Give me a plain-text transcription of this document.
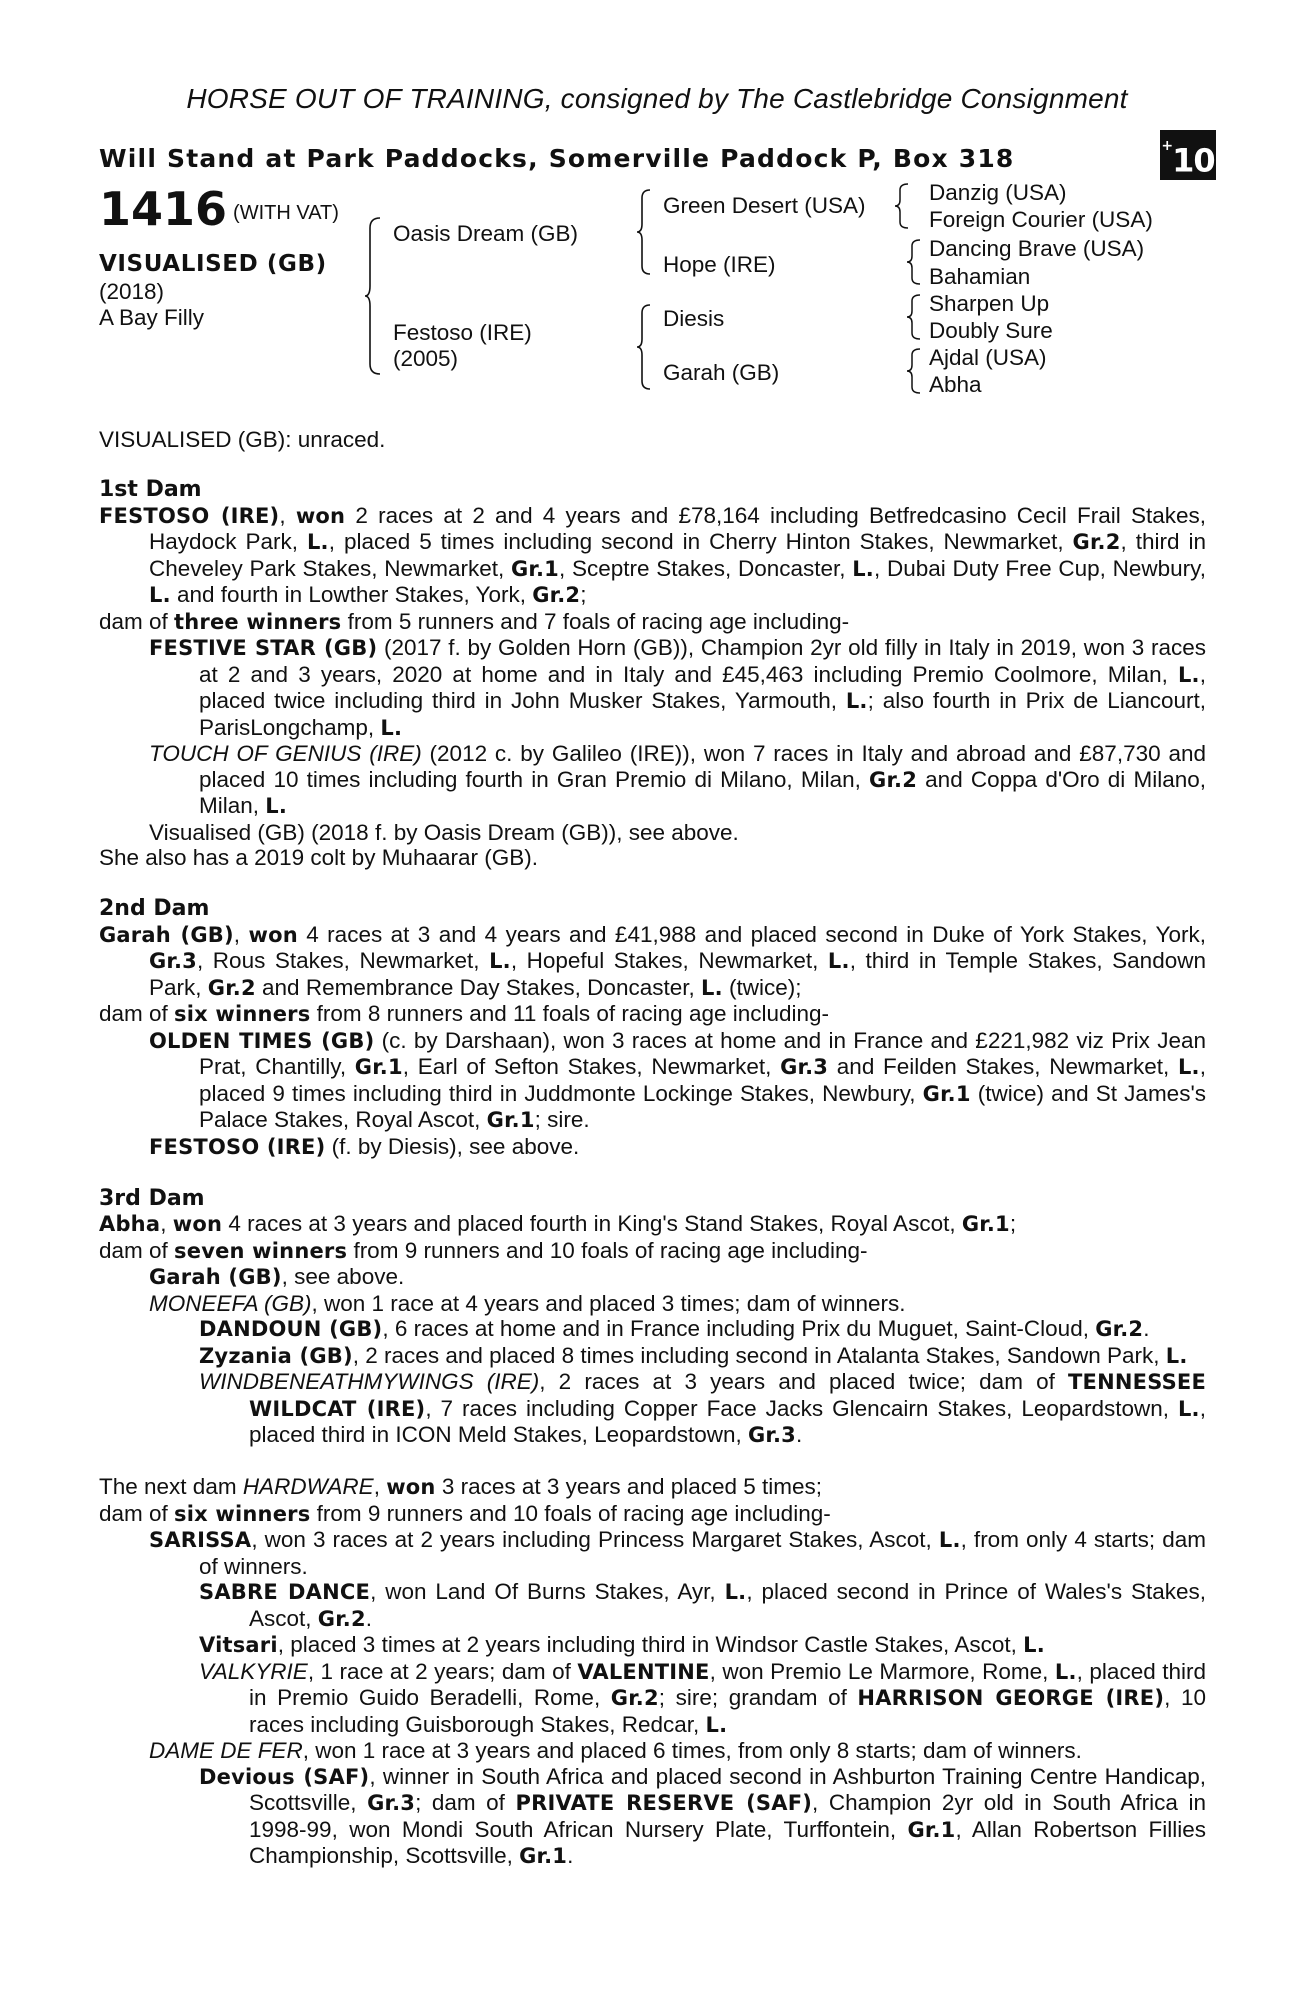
HORSE OUT OF TRAINING, consigned by The Castlebridge Consignment
Will Stand at Park Paddocks, Somerville Paddock P, Box 318	+10
1416 (WITH VAT)
VISUALISED (GB)
(2018)
A Bay Filly
Oasis Dream (GB)
Festoso (IRE)
(2005)
Green Desert (USA)
Hope (IRE)
Diesis
Garah (GB)
Danzig (USA)
Foreign Courier (USA)
Dancing Brave (USA)
Bahamian
Sharpen Up
Doubly Sure
Ajdal (USA)
Abha
VISUALISED (GB): unraced.

1st Dam

FESTOSO (IRE), won 2 races at 2 and 4 years and £78,164 including Betfredcasino Cecil Frail Stakes, Haydock Park, L., placed 5 times including second in Cherry Hinton Stakes, Newmarket, Gr.2, third in Cheveley Park Stakes, Newmarket, Gr.1, Sceptre Stakes, Doncaster, L., Dubai Duty Free Cup, Newbury, L. and fourth in Lowther Stakes, York, Gr.2;

dam of three winners from 5 runners and 7 foals of racing age including-

FESTIVE STAR (GB) (2017 f. by Golden Horn (GB)), Champion 2yr old filly in Italy in 2019, won 3 races at 2 and 3 years, 2020 at home and in Italy and £45,463 including Premio Coolmore, Milan, L., placed twice including third in John Musker Stakes, Yarmouth, L.; also fourth in Prix de Liancourt, ParisLongchamp, L.

TOUCH OF GENIUS (IRE) (2012 c. by Galileo (IRE)), won 7 races in Italy and abroad and £87,730 and placed 10 times including fourth in Gran Premio di Milano, Milan, Gr.2 and Coppa d'Oro di Milano, Milan, L.

Visualised (GB) (2018 f. by Oasis Dream (GB)), see above.

She also has a 2019 colt by Muhaarar (GB).

2nd Dam

Garah (GB), won 4 races at 3 and 4 years and £41,988 and placed second in Duke of York Stakes, York, Gr.3, Rous Stakes, Newmarket, L., Hopeful Stakes, Newmarket, L., third in Temple Stakes, Sandown Park, Gr.2 and Remembrance Day Stakes, Doncaster, L. (twice);

dam of six winners from 8 runners and 11 foals of racing age including-

OLDEN TIMES (GB) (c. by Darshaan), won 3 races at home and in France and £221,982 viz Prix Jean Prat, Chantilly, Gr.1, Earl of Sefton Stakes, Newmarket, Gr.3 and Feilden Stakes, Newmarket, L., placed 9 times including third in Juddmonte Lockinge Stakes, Newbury, Gr.1 (twice) and St James's Palace Stakes, Royal Ascot, Gr.1; sire.

FESTOSO (IRE) (f. by Diesis), see above.

3rd Dam

Abha, won 4 races at 3 years and placed fourth in King's Stand Stakes, Royal Ascot, Gr.1;

dam of seven winners from 9 runners and 10 foals of racing age including-

Garah (GB), see above.

MONEEFA (GB), won 1 race at 4 years and placed 3 times; dam of winners.

DANDOUN (GB), 6 races at home and in France including Prix du Muguet, Saint-Cloud, Gr.2.

Zyzania (GB), 2 races and placed 8 times including second in Atalanta Stakes, Sandown Park, L.

WINDBENEATHMYWINGS (IRE), 2 races at 3 years and placed twice; dam of TENNESSEE WILDCAT (IRE), 7 races including Copper Face Jacks Glencairn Stakes, Leopardstown, L., placed third in ICON Meld Stakes, Leopardstown, Gr.3.

The next dam HARDWARE, won 3 races at 3 years and placed 5 times;

dam of six winners from 9 runners and 10 foals of racing age including-

SARISSA, won 3 races at 2 years including Princess Margaret Stakes, Ascot, L., from only 4 starts; dam of winners.

SABRE DANCE, won Land Of Burns Stakes, Ayr, L., placed second in Prince of Wales's Stakes, Ascot, Gr.2.

Vitsari, placed 3 times at 2 years including third in Windsor Castle Stakes, Ascot, L.

VALKYRIE, 1 race at 2 years; dam of VALENTINE, won Premio Le Marmore, Rome, L., placed third in Premio Guido Beradelli, Rome, Gr.2; sire; grandam of HARRISON GEORGE (IRE), 10 races including Guisborough Stakes, Redcar, L.

DAME DE FER, won 1 race at 3 years and placed 6 times, from only 8 starts; dam of winners.

Devious (SAF), winner in South Africa and placed second in Ashburton Training Centre Handicap, Scottsville, Gr.3; dam of PRIVATE RESERVE (SAF), Champion 2yr old in South Africa in 1998-99, won Mondi South African Nursery Plate, Turffontein, Gr.1, Allan Robertson Fillies Championship, Scottsville, Gr.1.
